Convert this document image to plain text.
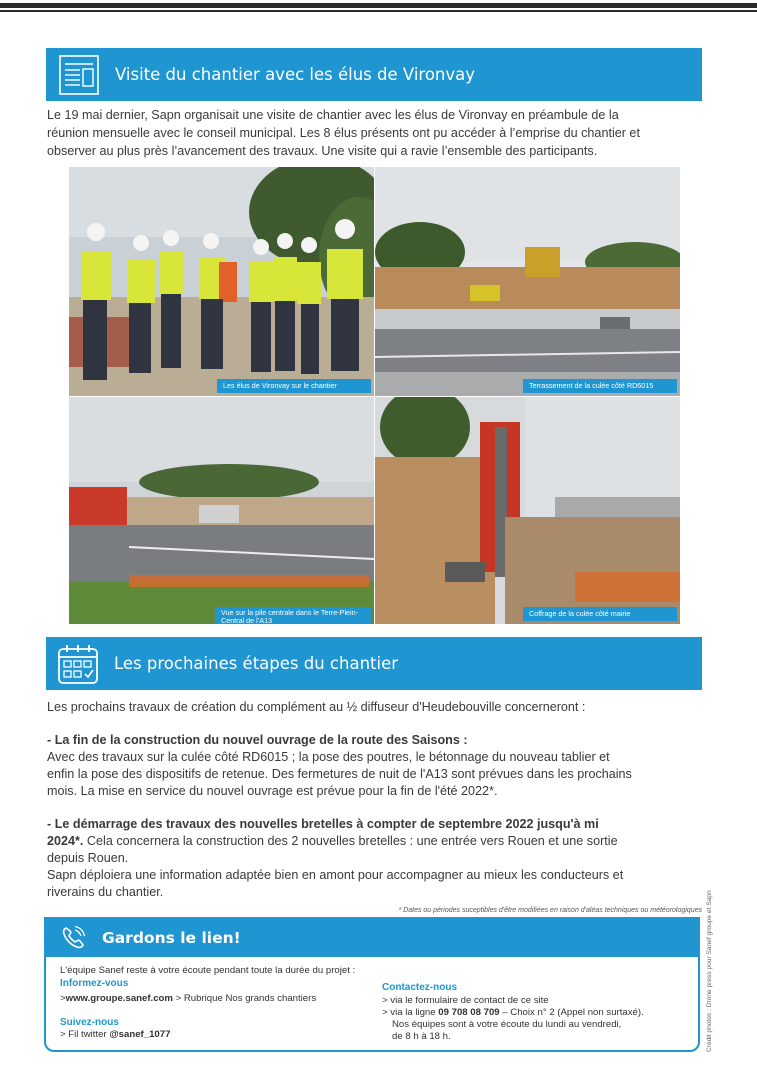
Visite du chantier avec les élus de Vironvay
Le 19 mai dernier, Sapn organisait une visite de chantier avec les élus de Vironvay en préambule de la
réunion mensuelle avec le conseil municipal. Les 8 élus présents ont pu accéder à l’emprise du chantier et
observer au plus près l’avancement des travaux. Une visite qui a ravie l’ensemble des participants.
Les élus de Vironvay sur le chantier	Terrassement de la culée côté RD6015
Vue sur la pile centrale dans le Terre-Plein-
Central de l’A13
Coffrage de la culée côté mairie
Les prochaines étapes du chantier

Les prochains travaux de création du complément au ½ diffuseur d'Heudebouville concerneront :

- La fin de la construction du nouvel ouvrage de la route des Saisons :

Avec des travaux sur la culée côté RD6015 ; la pose des poutres, le bétonnage du nouveau tablier et

enfin la pose des dispositifs de retenue. Des fermetures de nuit de l'A13 sont prévues dans les prochains

mois. La mise en service du nouvel ouvrage est prévue pour la fin de l'été 2022*.

- Le démarrage des travaux des nouvelles bretelles à compter de septembre 2022 jusqu'à mi

2024*. Cela concernera la construction des 2 nouvelles bretelles : une entrée vers Rouen et une sortie

depuis Rouen.

Sapn déploiera une information adaptée bien en amont pour accompagner au mieux les conducteurs et

riverains du chantier.

* Dates ou périodes suceptibles d'être modifiées en raison d'aléas techniques ou météorologiques
Gardons le lien!
L'équipe Sanef reste à votre écoute pendant toute la durée du projet :
Informez-vous
>www.groupe.sanef.com > Rubrique Nos grands chantiers
Suivez-nous
> Fil twitter @sanef_1077
Contactez-nous
> via le formulaire de contact de ce site
> via la ligne 09 708 08 709 – Choix n° 2 (Appel non surtaxé).
Nos équipes sont à votre écoute du lundi au vendredi,
de 8 h à 18 h.	Crédit photos : Drone press pour Sanef groupe et Sapn
